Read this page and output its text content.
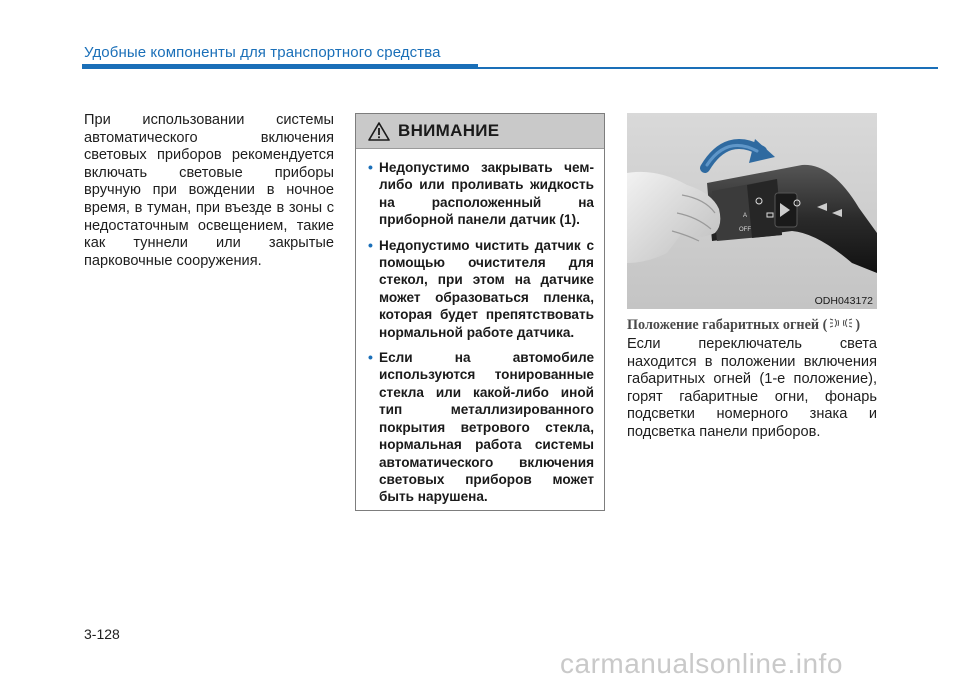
Удобные компоненты для транспортного средства
При использовании системы автоматического включения световых приборов рекомендуется включать световые приборы вручную при вождении в ночное время, в туман, при въезде в зоны с недостаточным освещением, такие как туннели или закрытые парковочные сооружения.
ВНИМАНИЕ
• Недопустимо закрывать чем-либо или проливать жидкость на расположенный на приборной панели датчик (1).
• Недопустимо чистить датчик с помощью очистителя для стекол, при этом на датчике может образоваться пленка, которая будет препятствовать нормальной работе датчика.
• Если на автомобиле используются тонированные стекла или какой-либо иной тип металлизированного покрытия ветрового стекла, нормальная работа системы автоматического включения световых приборов может быть нарушена.
OFF
A
ODH043172
Положение габаритных огней ( )
Если переключатель света находится в положении включения габаритных огней (1-е положение), горят габаритные огни, фонарь подсветки номерного знака и подсветка панели приборов.
3-128
carmanualsonline.info
